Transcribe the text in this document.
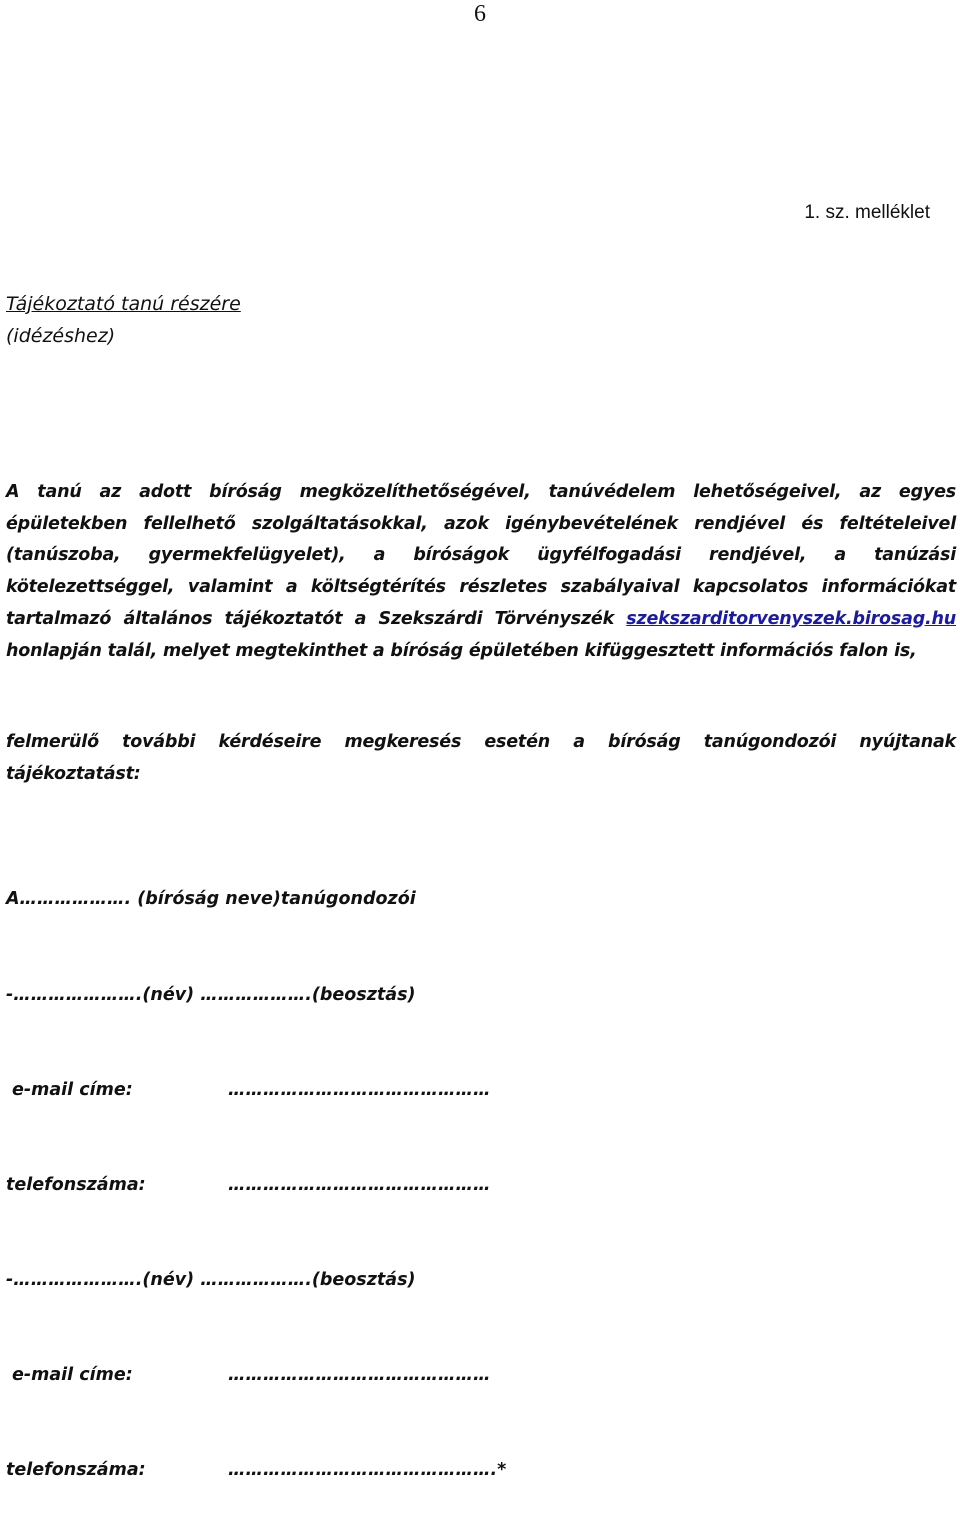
6
1. sz. melléklet
Tájékoztató tanú részére
(idézéshez)
A tanú az adott bíróság megközelíthetőségével, tanúvédelem lehetőségeivel, az egyes épületekben fellelhető szolgáltatásokkal, azok igénybevételének rendjével és feltételeivel (tanúszoba, gyermekfelügyelet), a bíróságok ügyfélfogadási rendjével, a tanúzási kötelezettséggel, valamint a költségtérítés részletes szabályaival kapcsolatos információkat tartalmazó általános tájékoztatót a Szekszárdi Törvényszék szekszarditorvenyszek.birosag.hu honlapján talál, melyet megtekinthet a bíróság épületében kifüggesztett információs falon is,
felmerülő további kérdéseire megkeresés esetén a bíróság tanúgondozói nyújtanak tájékoztatást:

A………………. (bíróság neve)tanúgondozói

-………………….(név) ……………….(beosztás)

e-mail címe:	………………………………………

telefonszáma:	………………………………………

-………………….(név) ……………….(beosztás)

e-mail címe:	………………………………………

telefonszáma:	……………………………………….*
